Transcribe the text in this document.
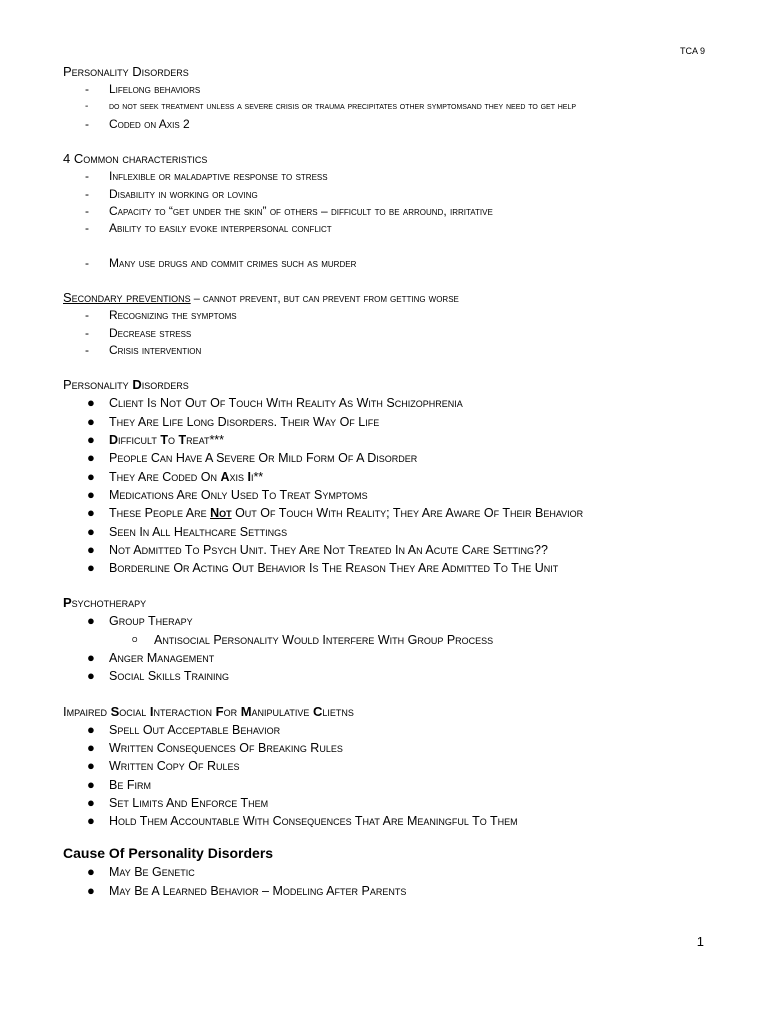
TCA 9
Personality Disorders
- Lifelong behaviors
- do not seek treatment unless a severe crisis or trauma precipitates other symptomsand they need to get help
- Coded on Axis 2
4 Common characteristics
- Inflexible or maladaptive response to stress
- Disability in working or loving
- Capacity to “get under the skin” of others – difficult to be arround, irritative
- Ability to easily evoke interpersonal conflict
- Many use drugs and commit crimes such as murder
Secondary preventions – cannot prevent, but can prevent from getting worse
- Recognizing the symptoms
- Decrease stress
- Crisis intervention
Personality Disorders
● Client Is Not Out Of Touch With Reality As With Schizophrenia
● They Are Life Long Disorders. Their Way Of Life
● Difficult To Treat***
● People Can Have A Severe Or Mild Form Of A Disorder
● They Are Coded On Axis Ii**
● Medications Are Only Used To Treat Symptoms
● These People Are Not Out Of Touch With Reality; They Are Aware Of Their Behavior
● Seen In All Healthcare Settings
● Not Admitted To Psych Unit. They Are Not Treated In An Acute Care Setting??
● Borderline Or Acting Out Behavior Is The Reason They Are Admitted To The Unit
Psychotherapy
● Group Therapy
o Antisocial Personality Would Interfere With Group Process
● Anger Management
● Social Skills Training
Impaired Social Interaction For Manipulative Clietns
● Spell Out Acceptable Behavior
● Written Consequences Of Breaking Rules
● Written Copy Of Rules
● Be Firm
● Set Limits And Enforce Them
● Hold Them Accountable With Consequences That Are Meaningful To Them
Cause Of Personality Disorders
● May Be Genetic
● May Be A Learned Behavior – Modeling After Parents
1
